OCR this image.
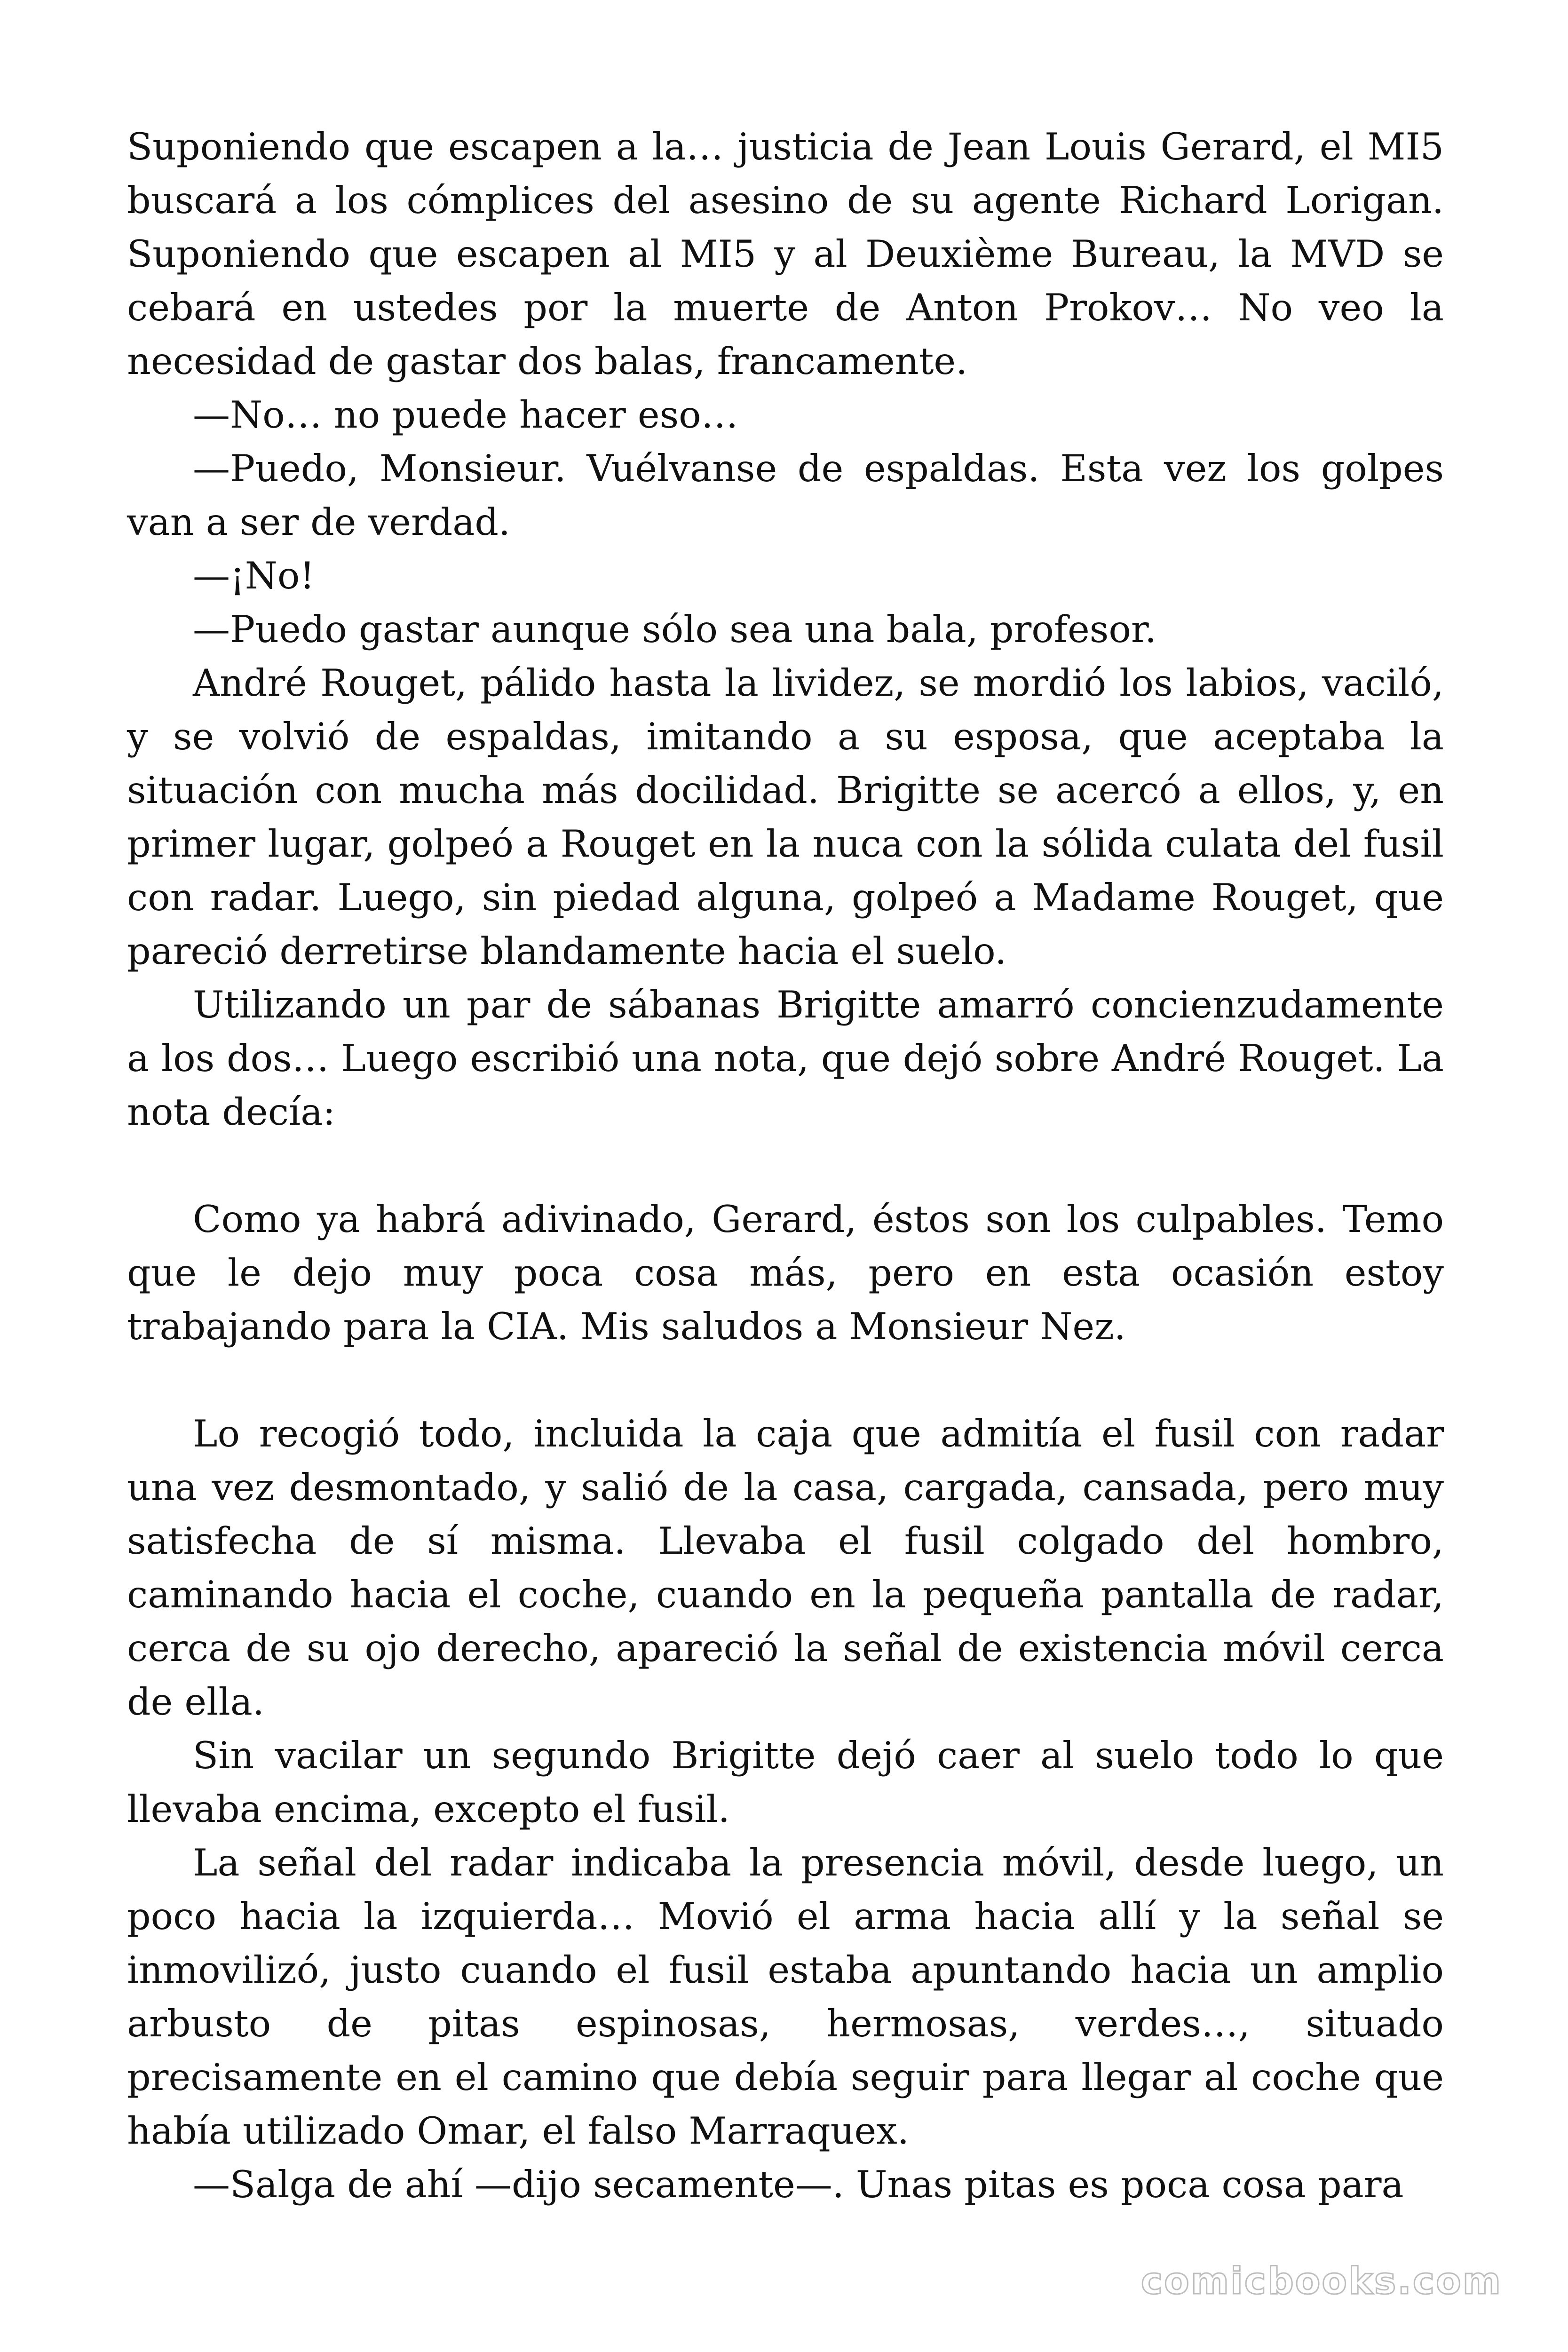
Suponiendo que escapen a la… justicia de Jean Louis Gerard, el MI5 buscará a los cómplices del asesino de su agente Richard Lorigan. Suponiendo que escapen al MI5 y al Deuxième Bureau, la MVD se cebará en ustedes por la muerte de Anton Prokov… No veo la necesidad de gastar dos balas, francamente.

—No… no puede hacer eso…

—Puedo, Monsieur. Vuélvanse de espaldas. Esta vez los golpes van a ser de verdad.

—¡No!

—Puedo gastar aunque sólo sea una bala, profesor.

André Rouget, pálido hasta la lividez, se mordió los labios, vaciló, y se volvió de espaldas, imitando a su esposa, que aceptaba la situación con mucha más docilidad. Brigitte se acercó a ellos, y, en primer lugar, golpeó a Rouget en la nuca con la sólida culata del fusil con radar. Luego, sin piedad alguna, golpeó a Madame Rouget, que pareció derretirse blandamente hacia el suelo.

Utilizando un par de sábanas Brigitte amarró concienzudamente a los dos… Luego escribió una nota, que dejó sobre André Rouget. La nota decía:

Como ya habrá adivinado, Gerard, éstos son los culpables. Temo que le dejo muy poca cosa más, pero en esta ocasión estoy trabajando para la CIA. Mis saludos a Monsieur Nez.

Lo recogió todo, incluida la caja que admitía el fusil con radar una vez desmontado, y salió de la casa, cargada, cansada, pero muy satisfecha de sí misma. Llevaba el fusil colgado del hombro, caminando hacia el coche, cuando en la pequeña pantalla de radar, cerca de su ojo derecho, apareció la señal de existencia móvil cerca de ella.

Sin vacilar un segundo Brigitte dejó caer al suelo todo lo que llevaba encima, excepto el fusil.

La señal del radar indicaba la presencia móvil, desde luego, un poco hacia la izquierda… Movió el arma hacia allí y la señal se inmovilizó, justo cuando el fusil estaba apuntando hacia un amplio arbusto de pitas espinosas, hermosas, verdes…, situado precisamente en el camino que debía seguir para llegar al coche que había utilizado Omar, el falso Marraquex.

—Salga de ahí —dijo secamente—. Unas pitas es poca cosa para

comicbooks.com
